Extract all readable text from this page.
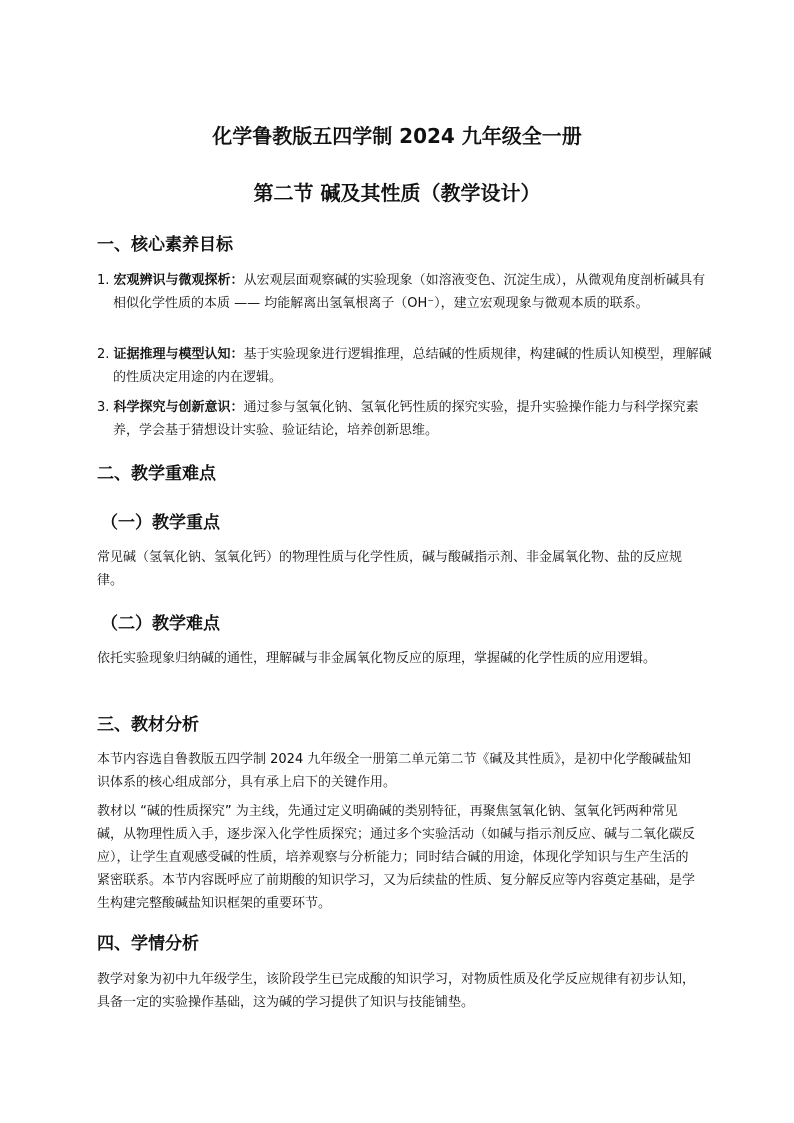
化学鲁教版五四学制 2024 九年级全一册
第二节 碱及其性质（教学设计）
一、核心素养目标

1. 宏观辨识与微观探析：从宏观层面观察碱的实验现象（如溶液变色、沉淀生成），从微观角度剖析碱具有相似化学性质的本质 —— 均能解离出氢氧根离子（OH⁻），建立宏观现象与微观本质的联系。

2. 证据推理与模型认知：基于实验现象进行逻辑推理，总结碱的性质规律，构建碱的性质认知模型，理解碱的性质决定用途的内在逻辑。

3. 科学探究与创新意识：通过参与氢氧化钠、氢氧化钙性质的探究实验，提升实验操作能力与科学探究素养，学会基于猜想设计实验、验证结论，培养创新思维。

二、教学重难点
（一）教学重点

常见碱（氢氧化钠、氢氧化钙）的物理性质与化学性质，碱与酸碱指示剂、非金属氧化物、盐的反应规律。

（二）教学难点

依托实验现象归纳碱的通性，理解碱与非金属氧化物反应的原理，掌握碱的化学性质的应用逻辑。

三、教材分析

本节内容选自鲁教版五四学制 2024 九年级全一册第二单元第二节《碱及其性质》，是初中化学酸碱盐知识体系的核心组成部分，具有承上启下的关键作用。

教材以 “碱的性质探究” 为主线，先通过定义明确碱的类别特征，再聚焦氢氧化钠、氢氧化钙两种常见碱，从物理性质入手，逐步深入化学性质探究；通过多个实验活动（如碱与指示剂反应、碱与二氧化碳反应），让学生直观感受碱的性质，培养观察与分析能力；同时结合碱的用途，体现化学知识与生产生活的紧密联系。本节内容既呼应了前期酸的知识学习，又为后续盐的性质、复分解反应等内容奠定基础，是学生构建完整酸碱盐知识框架的重要环节。

四、学情分析

教学对象为初中九年级学生，该阶段学生已完成酸的知识学习，对物质性质及化学反应规律有初步认知，具备一定的实验操作基础，这为碱的学习提供了知识与技能铺垫。
